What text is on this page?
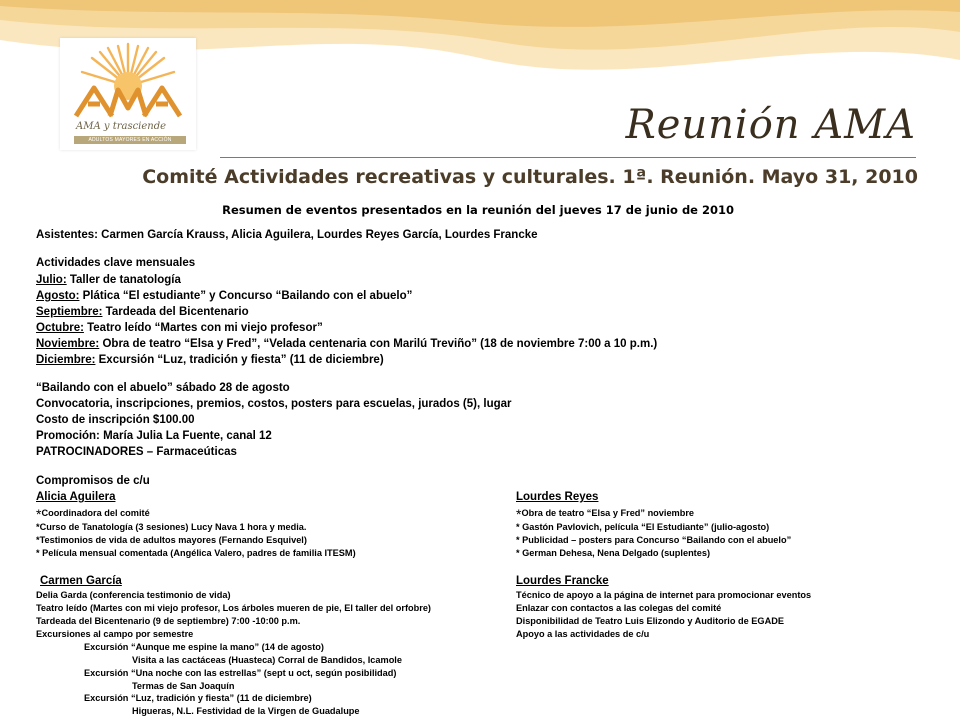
AMA y trasciende
ADULTOS MAYORES EN ACCIÓN	Reunión AMA
Comité Actividades recreativas y culturales. 1ª. Reunión. Mayo 31, 2010
Resumen de eventos presentados en la reunión del jueves 17 de junio de 2010
Asistentes: Carmen García Krauss, Alicia Aguilera, Lourdes Reyes García, Lourdes Francke
Actividades clave mensuales
Julio: Taller de tanatología
Agosto: Plática “El estudiante” y Concurso “Bailando con el abuelo”
Septiembre: Tardeada del Bicentenario
Octubre: Teatro leído “Martes con mi viejo profesor”
Noviembre: Obra de teatro “Elsa y Fred”, “Velada centenaria con Marilú Treviño” (18 de noviembre 7:00 a 10 p.m.)
Diciembre: Excursión “Luz, tradición y fiesta” (11 de diciembre)
“Bailando con el abuelo” sábado 28 de agosto
Convocatoria, inscripciones, premios, costos, posters para escuelas, jurados (5), lugar
Costo de inscripción $100.00
Promoción: María Julia La Fuente, canal 12
PATROCINADORES – Farmaceúticas
Compromisos de c/u
Alicia Aguilera
*Coordinadora del comité
*Curso de Tanatología (3 sesiones) Lucy Nava 1 hora y media.
*Testimonios de vida de adultos mayores (Fernando Esquivel)
* Película mensual comentada (Angélica Valero, padres de familia ITESM)
Lourdes Reyes
*Obra de teatro “Elsa y Fred” noviembre
* Gastón Pavlovich, película “El Estudiante” (julio-agosto)
* Publicidad – posters para Concurso “Bailando con el abuelo”
* German Dehesa, Nena Delgado (suplentes)
Carmen García
Delia Garda (conferencia testimonio de vida)
Teatro leído (Martes con mi viejo profesor, Los árboles mueren de pie, El taller del orfobre)
Tardeada del Bicentenario (9 de septiembre) 7:00 -10:00 p.m.
Excursiones al campo por semestre
Excursión “Aunque me espine la mano” (14 de agosto)
Visita a las cactáceas (Huasteca) Corral de Bandidos, Icamole
Excursión “Una noche con las estrellas” (sept u oct, según posibilidad)
Termas de San Joaquín
Excursión “Luz, tradición y fiesta” (11 de diciembre)
Higueras, N.L. Festividad de la Virgen de Guadalupe
Lourdes Francke
Técnico de apoyo a la página de internet para promocionar eventos
Enlazar con contactos a las colegas del comité
Disponibilidad de Teatro Luis Elizondo y Auditorio de EGADE
Apoyo a las actividades de c/u
